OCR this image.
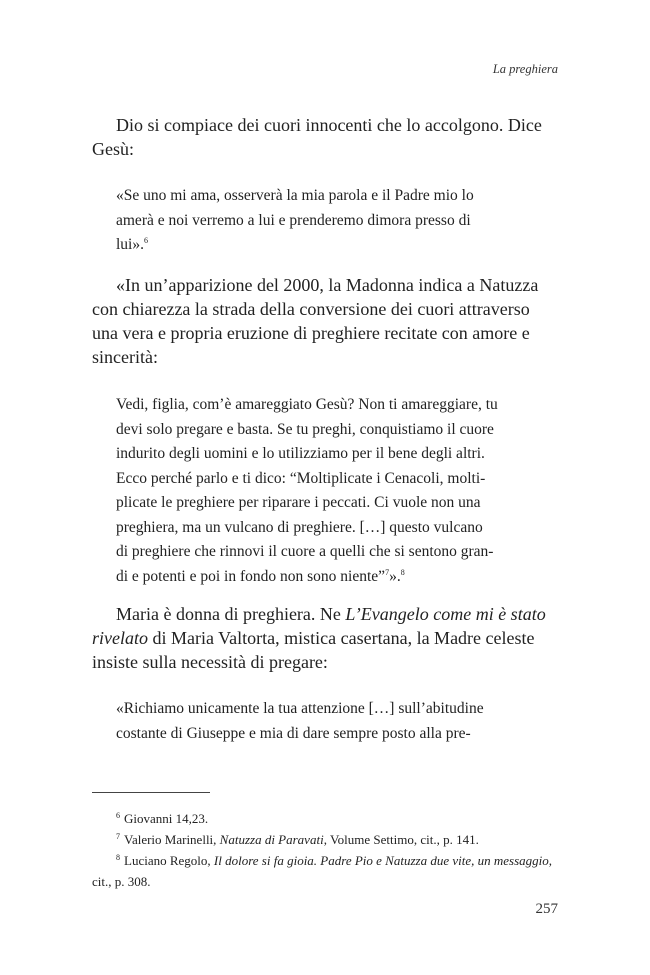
La preghiera

Dio si compiace dei cuori innocenti che lo accolgono. Dice
Gesù:

«Se uno mi ama, osserverà la mia parola e il Padre mio lo
amerà e noi verremo a lui e prenderemo dimora presso di
lui».$^6$

«In un’apparizione del 2000, la Madonna indica a Natuzza
con chiarezza la strada della conversione dei cuori attraverso
una vera e propria eruzione di preghiere recitate con amore e
sincerità:

Vedi, figlia, com’è amareggiato Gesù? Non ti amareggiare, tu
devi solo pregare e basta. Se tu preghi, conquistiamo il cuore
indurito degli uomini e lo utilizziamo per il bene degli altri.
Ecco perché parlo e ti dico: “Moltiplicate i Cenacoli, molti-
plicate le preghiere per riparare i peccati. Ci vuole non una
preghiera, ma un vulcano di preghiere. […] questo vulcano
di preghiere che rinnovi il cuore a quelli che si sentono gran-
di e potenti e poi in fondo non sono niente”$^7$».$^8$

Maria è donna di preghiera. Ne L’Evangelo come mi è stato
rivelato di Maria Valtorta, mistica casertana, la Madre celeste
insiste sulla necessità di pregare:

«Richiamo unicamente la tua attenzione […] sull’abitudine
costante di Giuseppe e mia di dare sempre posto alla pre-

$^6$ Giovanni 14,23.

$^7$ Valerio Marinelli, Natuzza di Paravati, Volume Settimo, cit., p. 141.

$^8$ Luciano Regolo, Il dolore si fa gioia. Padre Pio e Natuzza due vite, un messaggio,

cit., p. 308.

257
